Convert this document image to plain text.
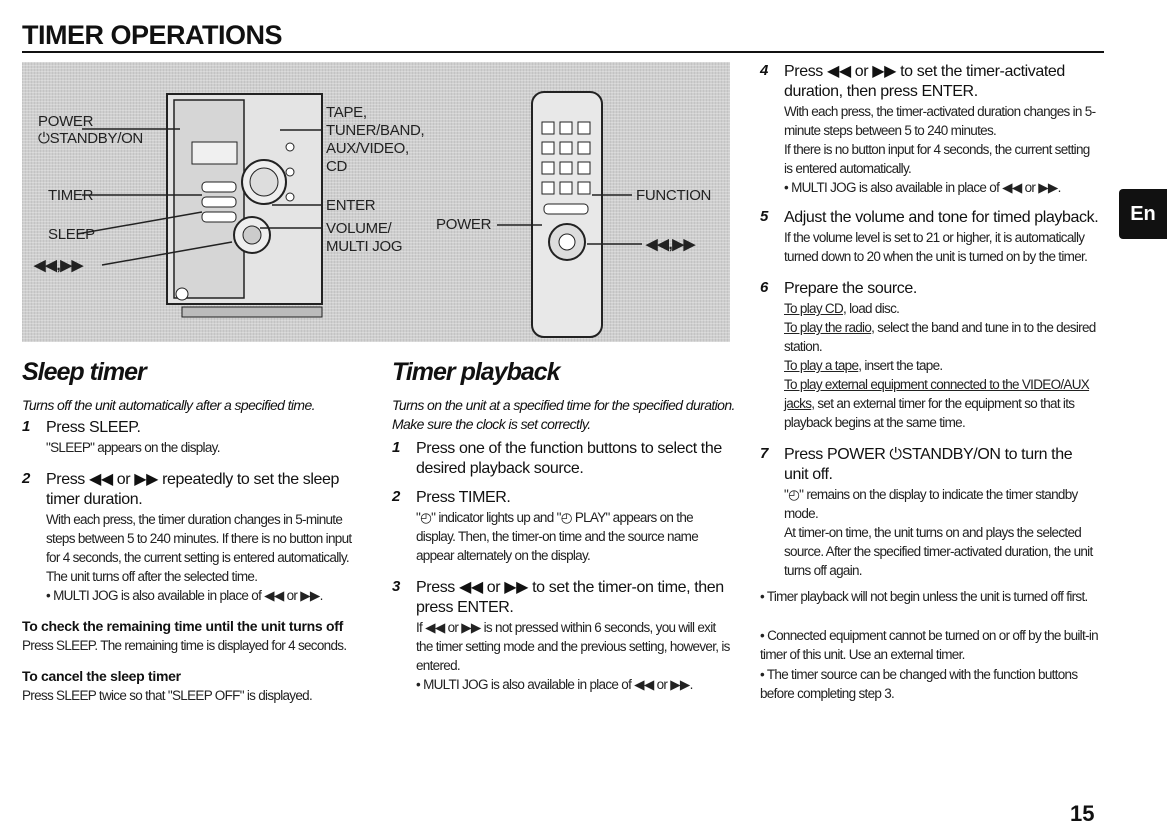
TIMER OPERATIONS
POWER
⏻STANDBY/ON
TIMER
SLEEP
◀◀,▶▶
TAPE,
TUNER/BAND,
AUX/VIDEO,
CD
ENTER
VOLUME/
MULTI JOG
POWER
FUNCTION
◀◀,▶▶
Sleep timer
Turns off the unit automatically after a specified time.
1 Press SLEEP.
"SLEEP" appears on the display.
2 Press ◀◀ or ▶▶ repeatedly to set the sleep timer duration.
With each press, the timer duration changes in 5-minute steps between 5 to 240 minutes. If there is no button input for 4 seconds, the current setting is entered automatically.
The unit turns off after the selected time.
• MULTI JOG is also available in place of ◀◀ or ▶▶.
To check the remaining time until the unit turns off
Press SLEEP. The remaining time is displayed for 4 seconds.
To cancel the sleep timer
Press SLEEP twice so that "SLEEP OFF" is displayed.
Timer playback
Turns on the unit at a specified time for the specified duration.
Make sure the clock is set correctly.
1 Press one of the function buttons to select the desired playback source.
2 Press TIMER.
"◴" indicator lights up and "◴ PLAY" appears on the display. Then, the timer-on time and the source name appear alternately on the display.
3 Press ◀◀ or ▶▶ to set the timer-on time, then press ENTER.
If ◀◀ or ▶▶ is not pressed within 6 seconds, you will exit the timer setting mode and the previous setting, however, is entered.
• MULTI JOG is also available in place of ◀◀ or ▶▶.
4 Press ◀◀ or ▶▶ to set the timer-activated duration, then press ENTER.
With each press, the timer-activated duration changes in 5-minute steps between 5 to 240 minutes.
If there is no button input for 4 seconds, the current setting is entered automatically.
• MULTI JOG is also available in place of ◀◀ or ▶▶.
5 Adjust the volume and tone for timed playback.
If the volume level is set to 21 or higher, it is automatically turned down to 20 when the unit is turned on by the timer.
6 Prepare the source.
To play CD, load disc.
To play the radio, select the band and tune in to the desired station.
To play a tape, insert the tape.
To play external equipment connected to the VIDEO/AUX jacks, set an external timer for the equipment so that its playback begins at the same time.
7 Press POWER ⏻STANDBY/ON to turn the unit off.
"◴" remains on the display to indicate the timer standby mode.
At timer-on time, the unit turns on and plays the selected source. After the specified timer-activated duration, the unit turns off again.
• Timer playback will not begin unless the unit is turned off first.
• Connected equipment cannot be turned on or off by the built-in timer of this unit. Use an external timer.
• The timer source can be changed with the function buttons before completing step 3.
En
15
